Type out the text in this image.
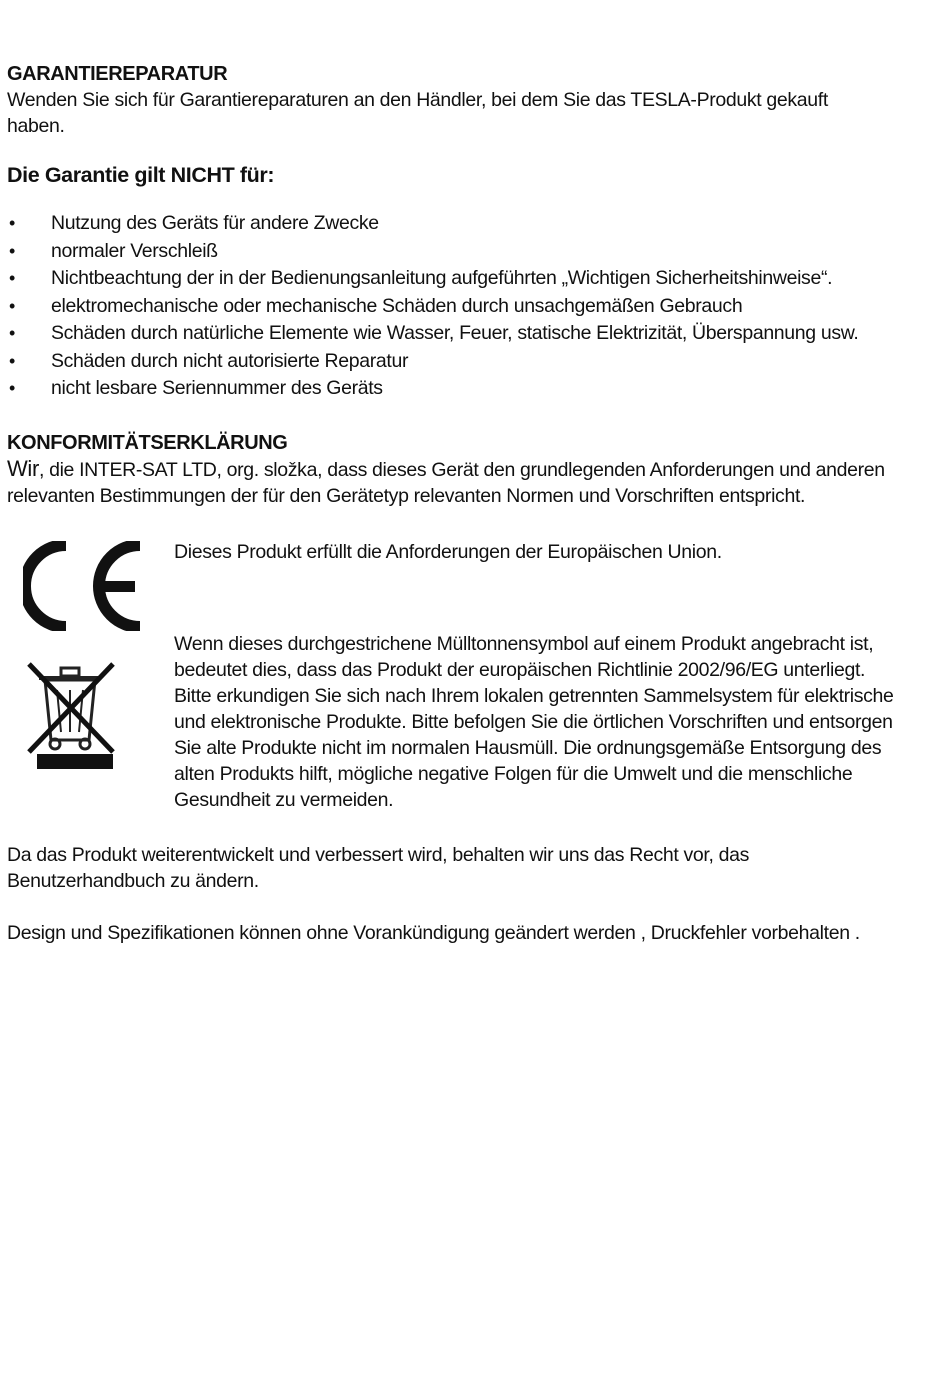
GARANTIEREPARATUR

Wenden Sie sich für Garantiereparaturen an den Händler, bei dem Sie das TESLA-Produkt gekauft haben.

Die Garantie gilt NICHT für:
• Nutzung des Geräts für andere Zwecke
• normaler Verschleiß
• Nichtbeachtung der in der Bedienungsanleitung aufgeführten „Wichtigen Sicherheitshinweise“.
• elektromechanische oder mechanische Schäden durch unsachgemäßen Gebrauch
• Schäden durch natürliche Elemente wie Wasser, Feuer, statische Elektrizität, Überspannung usw.
• Schäden durch nicht autorisierte Reparatur
• nicht lesbare Seriennummer des Geräts
KONFORMITÄTSERKLÄRUNG

Wir, die INTER-SAT LTD, org. složka, dass dieses Gerät den grundlegenden Anforderungen und anderen relevanten Bestimmungen der für den Gerätetyp relevanten Normen und Vorschriften entspricht.

Dieses Produkt erfüllt die Anforderungen der Europäischen Union.

Wenn dieses durchgestrichene Mülltonnensymbol auf einem Produkt angebracht ist, bedeutet dies, dass das Produkt der europäischen Richtlinie 2002/96/EG unterliegt. Bitte erkundigen Sie sich nach Ihrem lokalen getrennten Sammelsystem für elektrische und elektronische Produkte. Bitte befolgen Sie die örtlichen Vorschriften und entsorgen Sie alte Produkte nicht im normalen Hausmüll. Die ordnungsgemäße Entsorgung des alten Produkts hilft, mögliche negative Folgen für die Umwelt und die menschliche Gesundheit zu vermeiden.

Da das Produkt weiterentwickelt und verbessert wird, behalten wir uns das Recht vor, das Benutzerhandbuch zu ändern.

Design und Spezifikationen können ohne Vorankündigung geändert werden , Druckfehler vorbehalten .
